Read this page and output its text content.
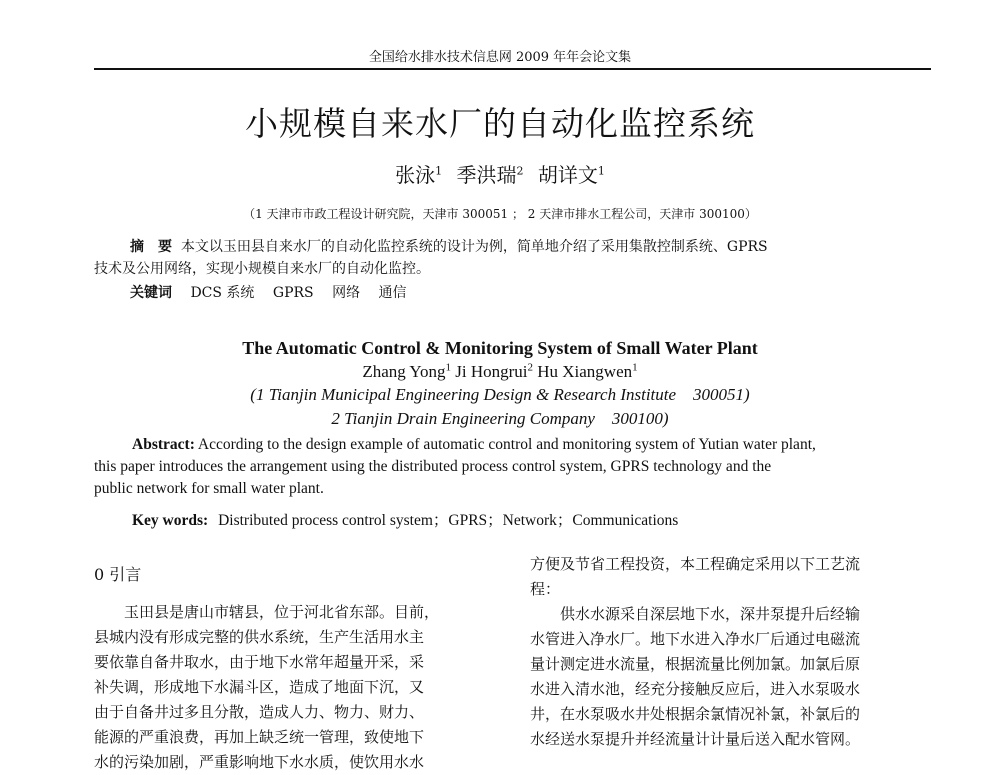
全国给水排水技术信息网 2009 年年会论文集
小规模自来水厂的自动化监控系统
张泳$^1$ 季洪瑞$^2$ 胡详文$^1$
（1 天津市市政工程设计研究院，天津市 300051 ； 2 天津市排水工程公司，天津市 300100）
摘　要 本文以玉田县自来水厂的自动化监控系统的设计为例，简单地介绍了采用集散控制系统、GPRS
技术及公用网络，实现小规模自来水厂的自动化监控。
关键词 DCS 系统 GPRS 网络 通信
The Automatic Control & Monitoring System of Small Water Plant
Zhang Yong$^1$ Ji Hongrui$^2$ Hu Xiangwen$^1$
(1 Tianjin Municipal Engineering Design & Research Institute    300051)
2 Tianjin Drain Engineering Company    300100)
Abstract: According to the design example of automatic control and monitoring system of Yutian water plant,
this paper introduces the arrangement using the distributed process control system, GPRS technology and the
public network for small water plant.
Key words: Distributed process control system；GPRS；Network；Communications
0 引言
玉田县是唐山市辖县，位于河北省东部。目前，
县城内没有形成完整的供水系统，生产生活用水主
要依靠自备井取水，由于地下水常年超量开采，采
补失调，形成地下水漏斗区，造成了地面下沉，又
由于自备井过多且分散，造成人力、物力、财力、
能源的严重浪费，再加上缺乏统一管理，致使地下
水的污染加剧，严重影响地下水水质，使饮用水水
方便及节省工程投资，本工程确定采用以下工艺流
程：
供水水源采自深层地下水，深井泵提升后经输
水管进入净水厂。地下水进入净水厂后通过电磁流
量计测定进水流量，根据流量比例加氯。加氯后原
水进入清水池，经充分接触反应后，进入水泵吸水
井，在水泵吸水井处根据余氯情况补氯，补氯后的
水经送水泵提升并经流量计计量后送入配水管网。
